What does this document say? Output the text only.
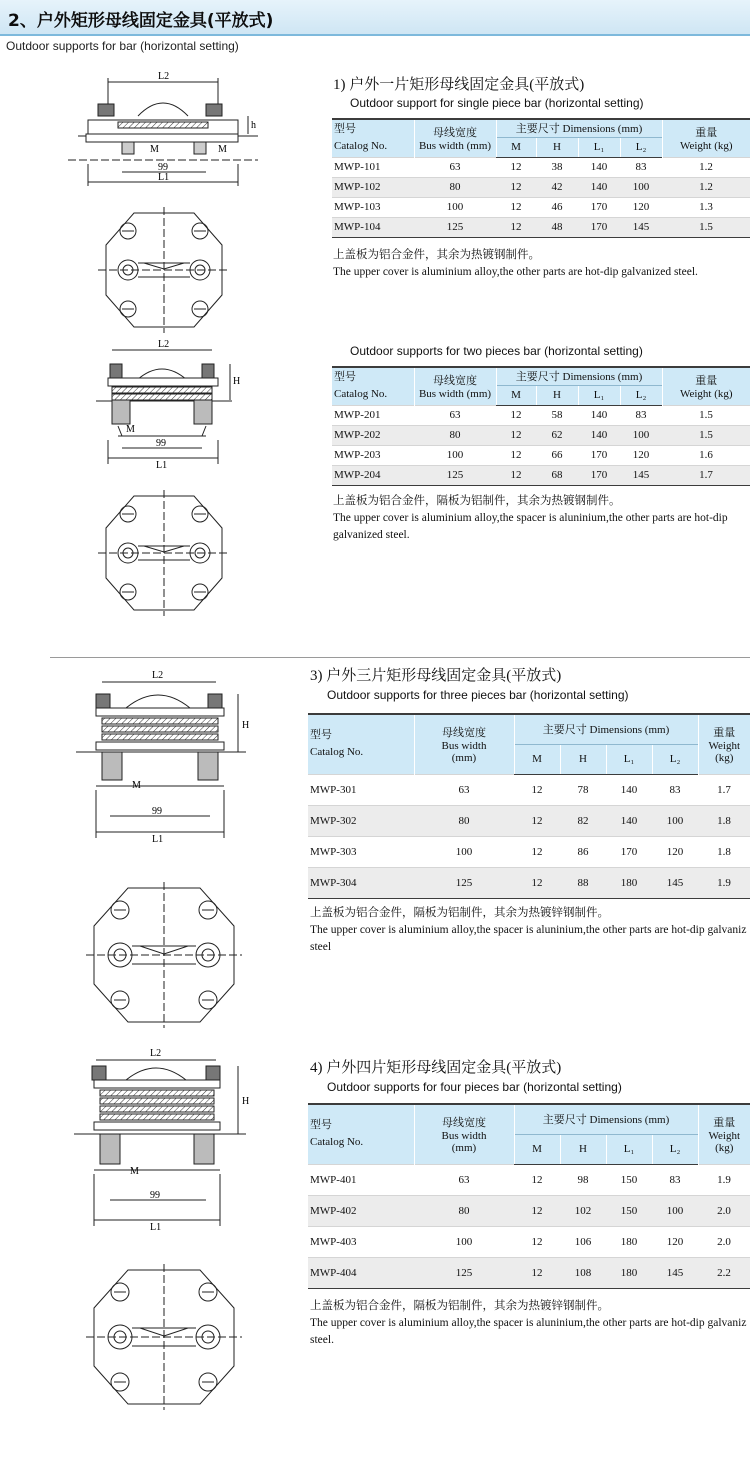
2、户外矩形母线固定金具(平放式)
Outdoor supports for bar (horizontal setting)
L2
M	M
99
L1
h
L2
M
99
L1
H
L2
M
99
L1
H
L2
M
99
L1
H
1) 户外一片矩形母线固定金具(平放式)
Outdoor support for single piece bar (horizontal setting)
型号
Catalog No.	母线宽度
Bus width (mm)	主要尺寸 Dimensions (mm)				重量
Weight (kg)
		M	H	L₁	L₂	
MWP-101	63	12	38	140	83	1.2
MWP-102	80	12	42	140	100	1.2
MWP-103	100	12	46	170	120	1.3
MWP-104	125	12	48	170	145	1.5
上盖板为铝合金件，其余为热镀钢制件。
The upper cover is aluminium alloy,the other parts are hot-dip galvanized steel.
Outdoor supports for two pieces bar (horizontal setting)
型号
Catalog No.	母线宽度
Bus width (mm)	主要尺寸 Dimensions (mm)				重量
Weight (kg)
		M	H	L₁	L₂	
MWP-201	63	12	58	140	83	1.5
MWP-202	80	12	62	140	100	1.5
MWP-203	100	12	66	170	120	1.6
MWP-204	125	12	68	170	145	1.7
上盖板为铝合金件，隔板为铝制件，其余为热镀钢制件。
The upper cover is aluminium alloy,the spacer is aluninium,the other parts are hot-dip
galvanized steel.
3) 户外三片矩形母线固定金具(平放式)
Outdoor supports for three pieces bar (horizontal setting)
型号
Catalog No.	母线宽度
Bus width
(mm)	主要尺寸 Dimensions (mm)				重量
Weight
(kg)
		M	H	L₁	L₂	
MWP-301	63	12	78	140	83	1.7
MWP-302	80	12	82	140	100	1.8
MWP-303	100	12	86	170	120	1.8
MWP-304	125	12	88	180	145	1.9
上盖板为铝合金件，隔板为铝制件，其余为热镀锌钢制件。
The upper cover is aluminium alloy,the spacer is aluninium,the other parts are hot-dip galvaniz
steel
4) 户外四片矩形母线固定金具(平放式)
Outdoor supports for four pieces bar (horizontal setting)
型号
Catalog No.	母线宽度
Bus width
(mm)	主要尺寸 Dimensions (mm)				重量
Weight
(kg)
		M	H	L₁	L₂	
MWP-401	63	12	98	150	83	1.9
MWP-402	80	12	102	150	100	2.0
MWP-403	100	12	106	180	120	2.0
MWP-404	125	12	108	180	145	2.2
上盖板为铝合金件，隔板为铝制件，其余为热镀锌钢制件。
The upper cover is aluminium alloy,the spacer is aluninium,the other parts are hot-dip galvaniz
steel.
